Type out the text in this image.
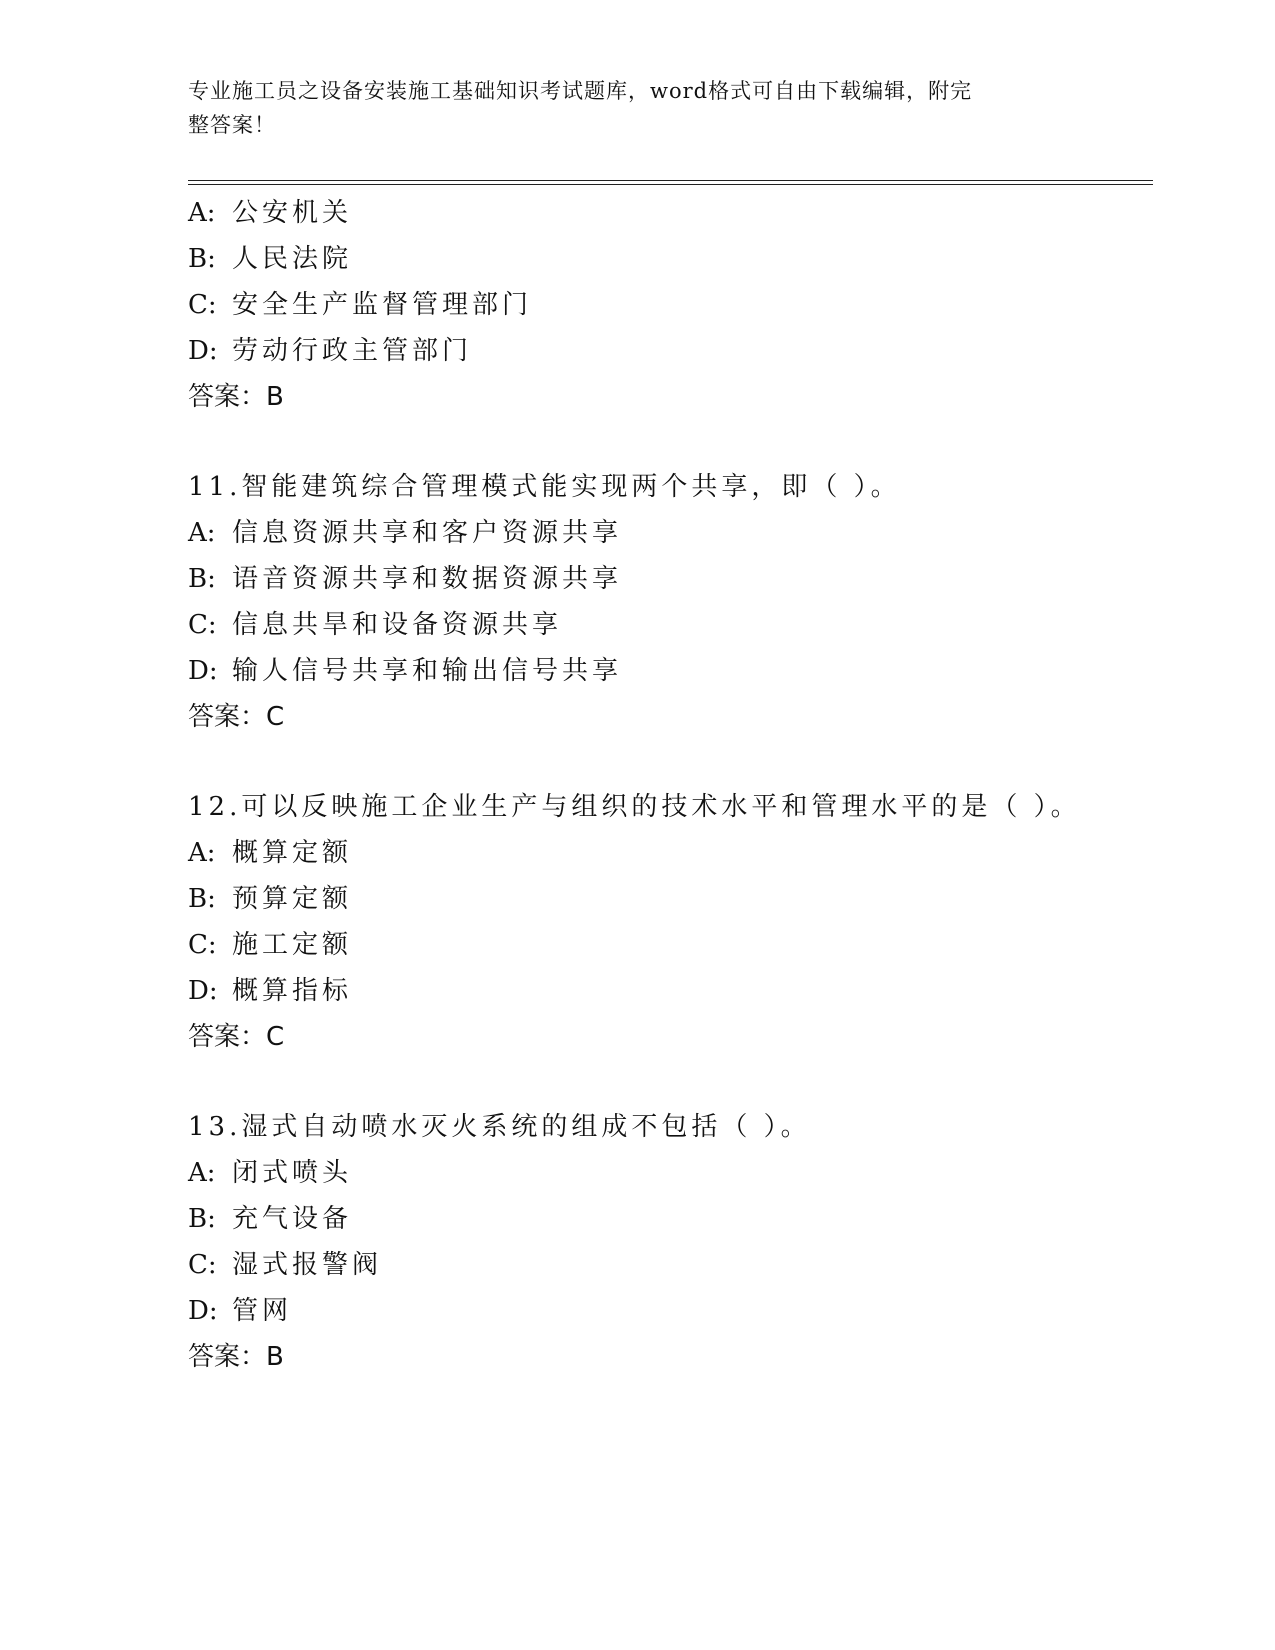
专业施工员之设备安装施工基础知识考试题库，word格式可自由下载编辑，附完
整答案！
A: 公安机关
B: 人民法院
C: 安全生产监督管理部门
D: 劳动行政主管部门
答案：B
11.智能建筑综合管理模式能实现两个共享，即（ ）。
A: 信息资源共享和客户资源共享
B: 语音资源共享和数据资源共享
C: 信息共旱和设备资源共享
D: 输人信号共享和输出信号共享
答案：C
12.可以反映施工企业生产与组织的技术水平和管理水平的是（ ）。
A: 概算定额
B: 预算定额
C: 施工定额
D: 概算指标
答案：C
13.湿式自动喷水灭火系统的组成不包括（ ）。
A: 闭式喷头
B: 充气设备
C: 湿式报警阀
D: 管网
答案：B
